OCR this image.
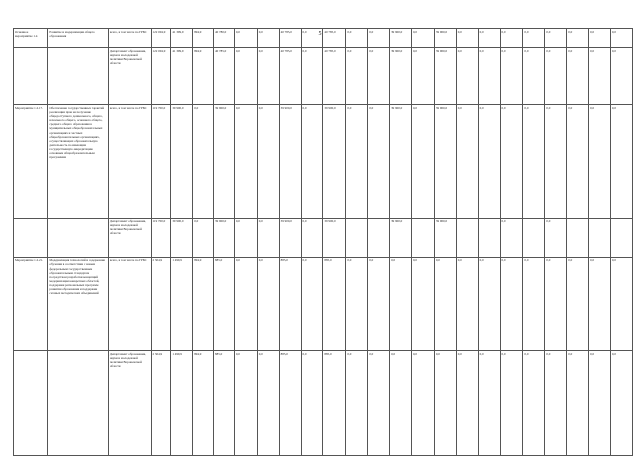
5
Основное мероприятие 1.2.	Развитие и модернизация общего образования	всего, в том числе по ГРБС	122 004,9	41 399,9	894,9	40 780,0	0,0	0,0	40 785,0	0,0	40 785,0	0,0	0,0	39 900,0	0,0	39 900,0	0,0	0,0	0,0	0,0	0,0	0,0	0,0	0,0
		Департамент образования, науки и молодежной политики Воронежской области	122 004,9	41 399,9	894,9	40 785,0	0,0	0,0	40 785,0	0,0	40 785,0	0,0	0,0	39 900,0	0,0	39 900,0	0,0	0,0	0,0	0,0	0,0	0,0	0,0	0,0
Мероприятие 1.2.17.	Обеспечение государственных гарантий реализации прав на получение общедоступного дошкольного, общего, начального общего, основного общего, среднего общего образования в муниципальных общеобразовательных организациях и частных общеобразовательных организациях, осуществляющих образовательную деятельность по имеющим государственную аккредитацию основным общеобразовательным программам	всего, в том числе по ГРБС	119 700,0	39 900,0	0,0	39 900,0	0,0	0,0	39 900,0	0,0	39 900,0	0,0	0,0	39 900,0	0,0	39 900,0	0,0	0,0	0,0	0,0	0,0	0,0	0,0	0,0
		Департамент образования, науки и молодежной политики Воронежской области	119 700,0	39 900,0	0,0	39 900,0	0,0	0,0	39 900,0	0,0	39 900,0			39 900,0		39 900,0			0,0		0,0			
Мероприятие 1.2.21.	Модернизация технологий и содержания обучения в соответствии с новым федеральным государственным образовательным стандартом посредством разработки концепций модернизации конкретных областей, поддержки региональных программ развития образования и поддержки сетевых методических объединений	всего, в том числе по ГРБС	2 304,9	1 499,9	894,9	885,0	0,0	0,0	885,0	0,0	885,0	0,0	0,0	0,0	0,0	0,0	0,0	0,0	0,0	0,0	0,0	0,0	0,0	0,0
		Департамент образования, науки и молодежной политики Воронежской области	2 304,9	1 499,9	894,9	885,0	0,0	0,0	885,0	0,0	885,0	0,0	0,0	0,0	0,0	0,0	0,0	0,0	0,0	0,0	0,0	0,0	0,0	0,0
